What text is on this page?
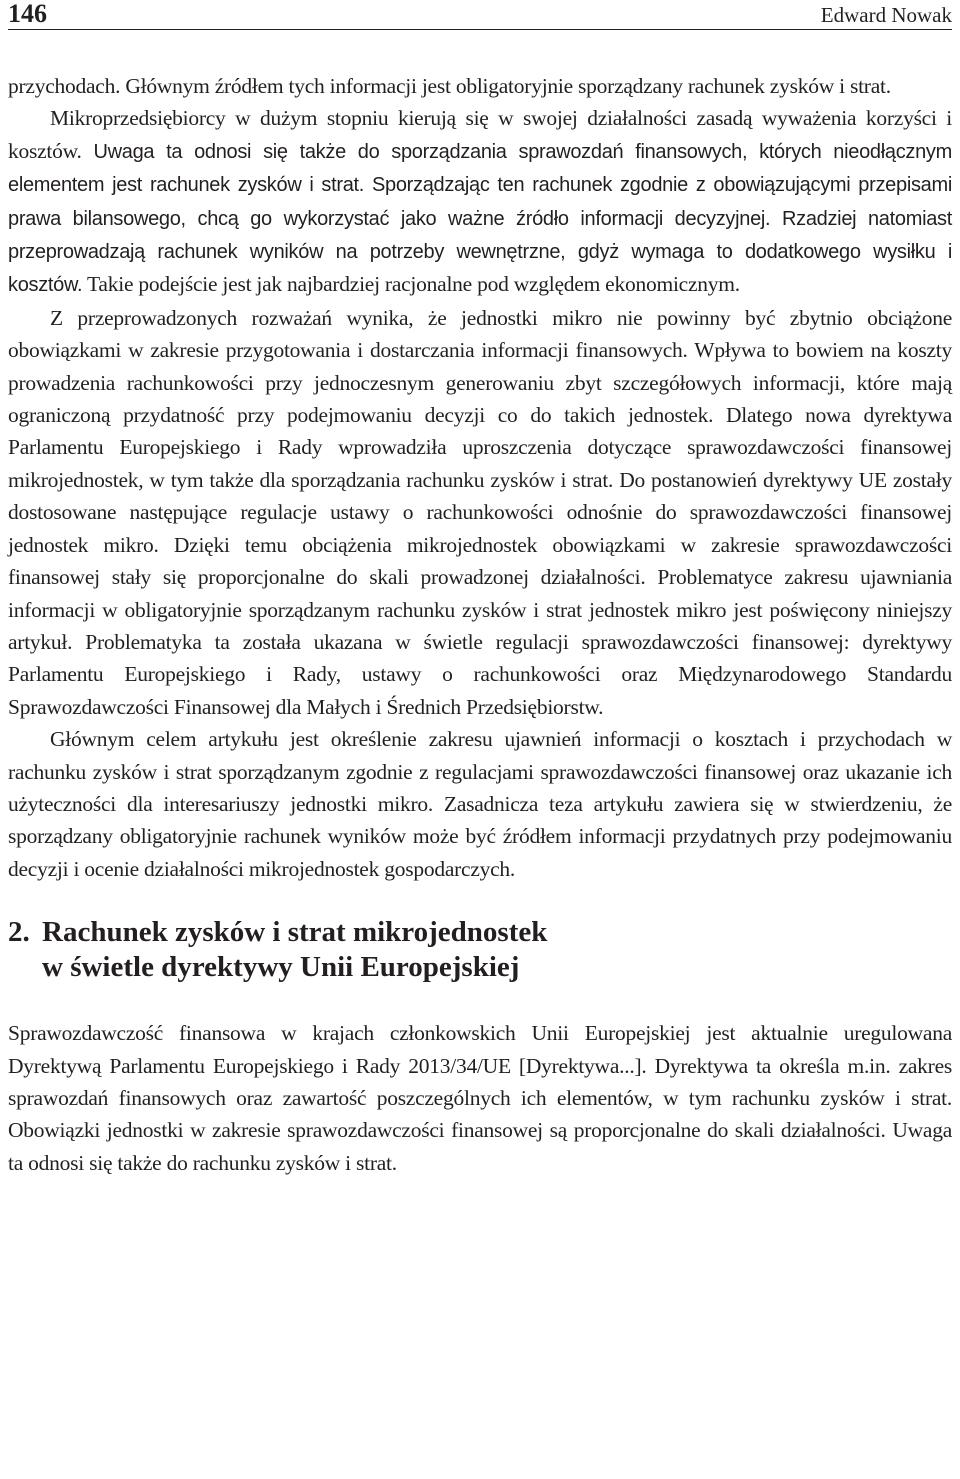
146	Edward Nowak

przychodach. Głównym źródłem tych informacji jest obligatoryjnie sporządzany rachunek zysków i strat.

Mikroprzedsiębiorcy w dużym stopniu kierują się w swojej działalności zasadą wyważenia korzyści i kosztów. Uwaga ta odnosi się także do sporządzania sprawozdań finansowych, których nieodłącznym elementem jest rachunek zysków i strat. Sporządzając ten rachunek zgodnie z obowiązującymi przepisami prawa bilansowego, chcą go wykorzystać jako ważne źródło informacji decyzyjnej. Rzadziej natomiast przeprowadzają rachunek wyników na potrzeby wewnętrzne, gdyż wymaga to dodatkowego wysiłku i kosztów. Takie podejście jest jak najbardziej racjonalne pod względem ekonomicznym.

Z przeprowadzonych rozważań wynika, że jednostki mikro nie powinny być zbytnio obciążone obowiązkami w zakresie przygotowania i dostarczania informacji finansowych. Wpływa to bowiem na koszty prowadzenia rachunkowości przy jednoczesnym generowaniu zbyt szczegółowych informacji, które mają ograniczoną przydatność przy podejmowaniu decyzji co do takich jednostek. Dlatego nowa dyrektywa Parlamentu Europejskiego i Rady wprowadziła uproszczenia dotyczące sprawozdawczości finansowej mikrojednostek, w tym także dla sporządzania rachunku zysków i strat. Do postanowień dyrektywy UE zostały dostosowane następujące regulacje ustawy o rachunkowości odnośnie do sprawozdawczości finansowej jednostek mikro. Dzięki temu obciążenia mikrojednostek obowiązkami w zakresie sprawozdawczości finansowej stały się proporcjonalne do skali prowadzonej działalności. Problematyce zakresu ujawniania informacji w obligatoryjnie sporządzanym rachunku zysków i strat jednostek mikro jest poświęcony niniejszy artykuł. Problematyka ta została ukazana w świetle regulacji sprawozdawczości finansowej: dyrektywy Parlamentu Europejskiego i Rady, ustawy o rachunkowości oraz Międzynarodowego Standardu Sprawozdawczości Finansowej dla Małych i Średnich Przedsiębiorstw.

Głównym celem artykułu jest określenie zakresu ujawnień informacji o kosztach i przychodach w rachunku zysków i strat sporządzanym zgodnie z regulacjami sprawozdawczości finansowej oraz ukazanie ich użyteczności dla interesariuszy jednostki mikro. Zasadnicza teza artykułu zawiera się w stwierdzeniu, że sporządzany obligatoryjnie rachunek wyników może być źródłem informacji przydatnych przy podejmowaniu decyzji i ocenie działalności mikrojednostek gospodarczych.

2. Rachunek zysków i strat mikrojednostek
w świetle dyrektywy Unii Europejskiej

Sprawozdawczość finansowa w krajach członkowskich Unii Europejskiej jest aktualnie uregulowana Dyrektywą Parlamentu Europejskiego i Rady 2013/34/UE [Dyrektywa...]. Dyrektywa ta określa m.in. zakres sprawozdań finansowych oraz zawartość poszczególnych ich elementów, w tym rachunku zysków i strat. Obowiązki jednostki w zakresie sprawozdawczości finansowej są proporcjonalne do skali działalności. Uwaga ta odnosi się także do rachunku zysków i strat.
